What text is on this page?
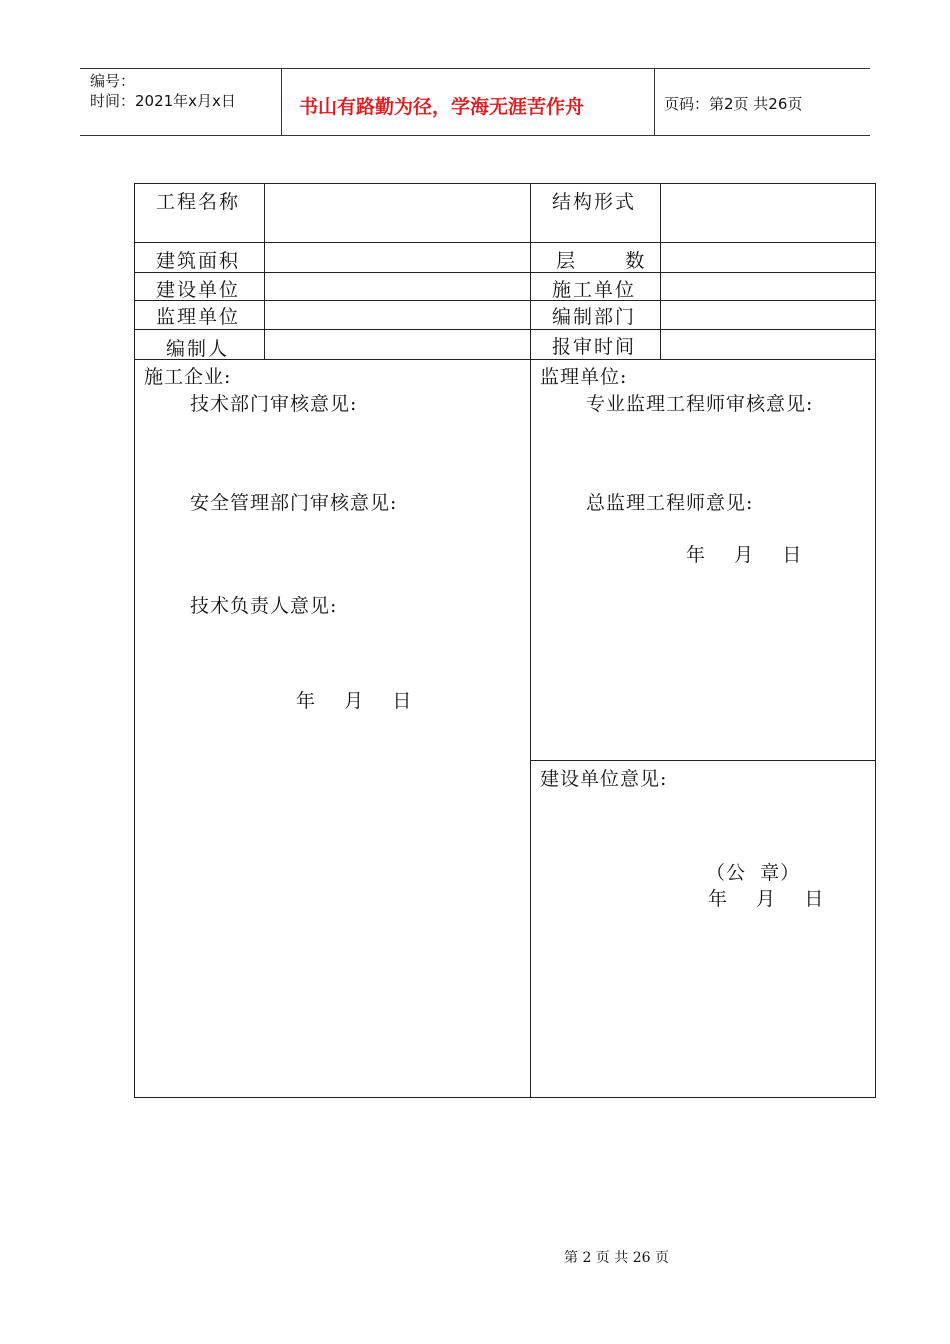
编号：
时间：2021年x月x日	书山有路勤为径，学海无涯苦作舟	页码：第2页 共26页
工程名称	结构形式
建筑面积	层      数
建设单位	施工单位
监理单位	编制部门
编制人	报审时间
施工企业:
技术部门审核意见:
安全管理部门审核意见:
技术负责人意见:
年    月    日
监理单位:
专业监理工程师审核意见:
总监理工程师意见:
年    月    日
建设单位意见:
（公  章）
年    月    日
第 2 页 共 26 页
